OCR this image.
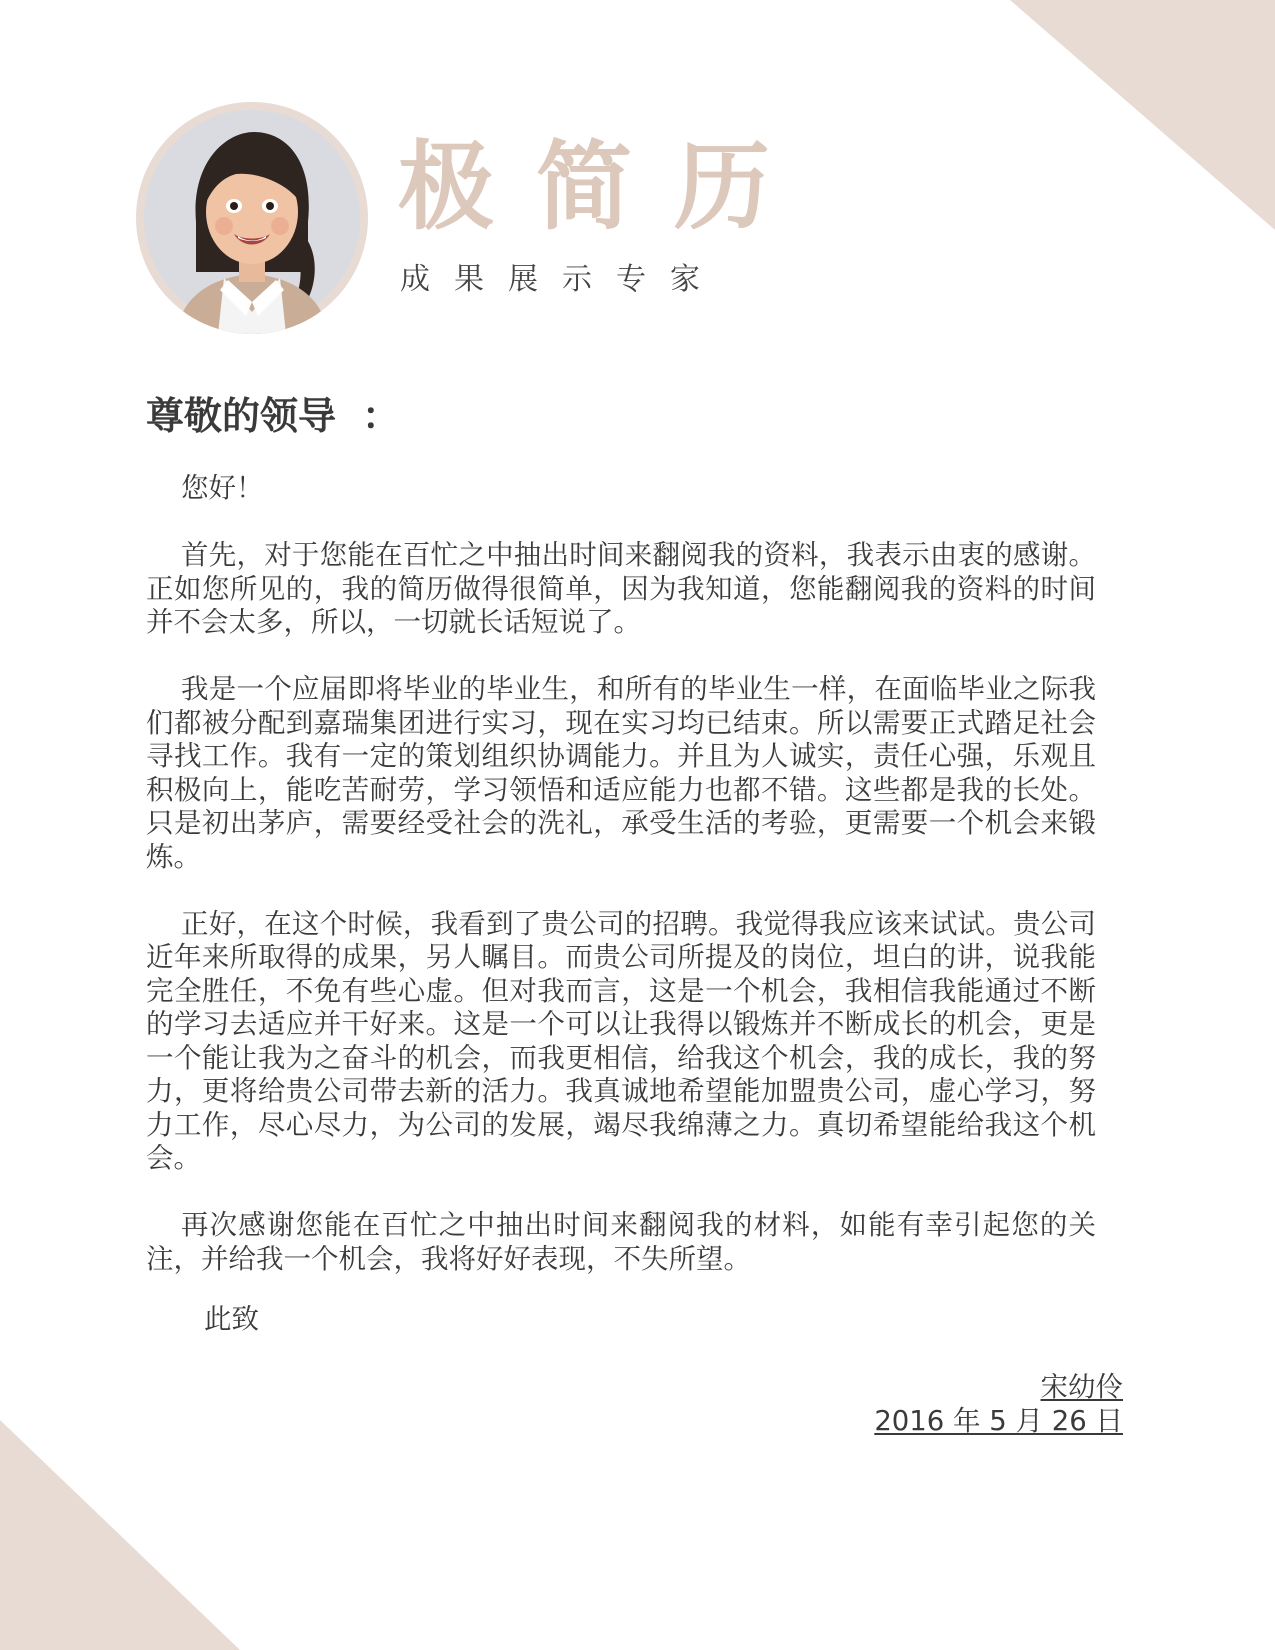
极简历
成果展示专家
尊敬的领导 ：

您好！

首先，对于您能在百忙之中抽出时间来翻阅我的资料，我表示由衷的感谢。正如您所见的，我的简历做得很简单，因为我知道，您能翻阅我的资料的时间并不会太多，所以，一切就长话短说了。

我是一个应届即将毕业的毕业生，和所有的毕业生一样，在面临毕业之际我们都被分配到嘉瑞集团进行实习，现在实习均已结束。所以需要正式踏足社会寻找工作。我有一定的策划组织协调能力。并且为人诚实，责任心强，乐观且积极向上，能吃苦耐劳，学习领悟和适应能力也都不错。这些都是我的长处。只是初出茅庐，需要经受社会的洗礼，承受生活的考验，更需要一个机会来锻炼。

正好，在这个时候，我看到了贵公司的招聘。我觉得我应该来试试。贵公司近年来所取得的成果，另人瞩目。而贵公司所提及的岗位，坦白的讲，说我能完全胜任，不免有些心虚。但对我而言，这是一个机会，我相信我能通过不断的学习去适应并干好来。这是一个可以让我得以锻炼并不断成长的机会，更是一个能让我为之奋斗的机会，而我更相信，给我这个机会，我的成长，我的努力，更将给贵公司带去新的活力。我真诚地希望能加盟贵公司，虚心学习，努力工作，尽心尽力，为公司的发展，竭尽我绵薄之力。真切希望能给我这个机会。

再次感谢您能在百忙之中抽出时间来翻阅我的材料，如能有幸引起您的关注，并给我一个机会，我将好好表现，不失所望。

此致
宋幼伶
2016 年 5 月 26 日
